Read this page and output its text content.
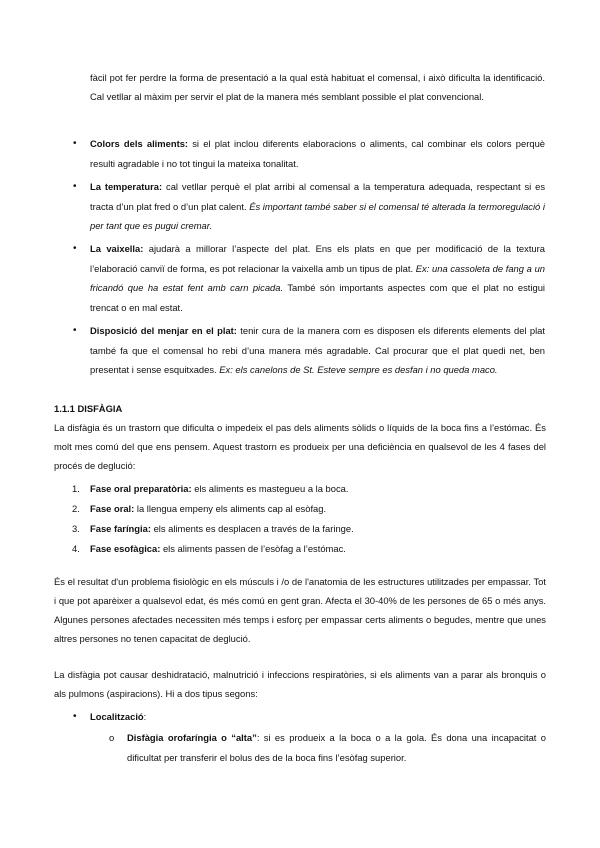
fàcil pot fer perdre la forma de presentació a la qual està habituat el comensal, i això dificulta la identificació. Cal vetllar al màxim per servir el plat de la manera més semblant possible el plat convencional.
• Colors dels aliments: si el plat inclou diferents elaboracions o aliments, cal combinar els colors perquè resulti agradable i no tot tingui la mateixa tonalitat.
• La temperatura: cal vetllar perquè el plat arribi al comensal a la temperatura adequada, respectant si es tracta d’un plat fred o d’un plat calent. És important també saber si el comensal té alterada la termoregulació i per tant que es pugui cremar.
• La vaixella: ajudarà a millorar l’aspecte del plat. Ens els plats en que per modificació de la textura l’elaboració canviï de forma, es pot relacionar la vaixella amb un tipus de plat. Ex: una cassoleta de fang a un fricandó que ha estat fent amb carn picada. També són importants aspectes com que el plat no estigui trencat o en mal estat.
• Disposició del menjar en el plat: tenir cura de la manera com es disposen els diferents elements del plat també fa que el comensal ho rebi d’una manera més agradable. Cal procurar que el plat quedi net, ben presentat i sense esquitxades. Ex: els canelons de St. Esteve sempre es desfan i no queda maco.
1.1.1 DISFÀGIA
La disfàgia és un trastorn que dificulta o impedeix el pas dels aliments sòlids o líquids de la boca fins a l’estómac. És molt mes comú del que ens pensem. Aquest trastorn es produeix per una deficiència en qualsevol de les 4 fases del procés de deglució:
1. Fase oral preparatòria: els aliments es mastegueu a la boca.
2. Fase oral: la llengua empeny els aliments cap al esòfag.
3. Fase faríngia: els aliments es desplacen a través de la faringe.
4. Fase esofàgica: els aliments passen de l’esòfag a l’estómac.
És el resultat d'un problema fisiològic en els músculs i /o de l'anatomia de les estructures utilitzades per empassar. Tot i que pot aparèixer a qualsevol edat, és més comú en gent gran. Afecta el 30-40% de les persones de 65 o més anys. Algunes persones afectades necessiten més temps i esforç per empassar certs aliments o begudes, mentre que unes altres persones no tenen capacitat de deglució.
La disfàgia pot causar deshidratació, malnutrició i infeccions respiratòries, si els aliments van a parar als bronquis o als pulmons (aspiracions). Hi a dos tipus segons:
• Localització:
o Disfàgia orofaríngia o “alta”: si es produeix a la boca o a la gola. És dona una incapacitat o dificultat per transferir el bolus des de la boca fins l’esòfag superior.
